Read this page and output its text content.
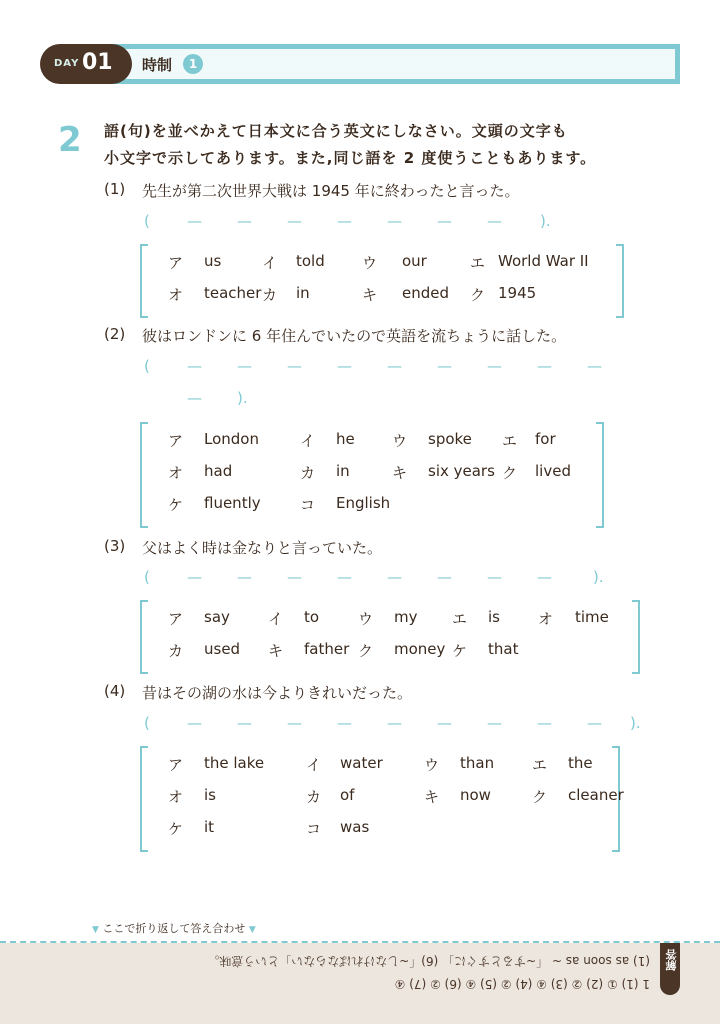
DAY 01 時制	1
2 語(句)を並べかえて日本文に合う英文にしなさい。文頭の文字も
小文字で示してあります。また,同じ語を 2 度使うこともあります。
(1) 先生が第二次世界大戦は 1945 年に終わったと言った。
( — — — — — — —	).
ア us	イ told ウ our	エ World War II
オ teacher カ in	キ ended ク 1945
(2) 彼はロンドンに 6 年住んでいたので英語を流ちょうに話した。
( — — — — — — — — —
— ).
ア London	イ he ウ spoke エ for
オ had	カ in	キ six years ク lived
ケ fluently	コ English
(3) 父はよく時は金なりと言っていた。
( — — — — — — — —	).
ア say	イ to	ウ my エ is	オ time
カ used キ father ク money ケ that
(4) 昔はその湖の水は今よりきれいだった。
( — — — — — — — — — ).
ア the lake	イ water	ウ than	エ the
オ is	カ of	キ now	ク cleaner
ケ it	コ was
▼ ここで折り返して答え合わせ ▼
(1) as soon as ~ 「~するとすぐに」 (6)「~しなければならない」という意味。
1 (1) ① (2) ② (3) ④ (4) ② (5) ④ (6) ② (7) ④
解答
